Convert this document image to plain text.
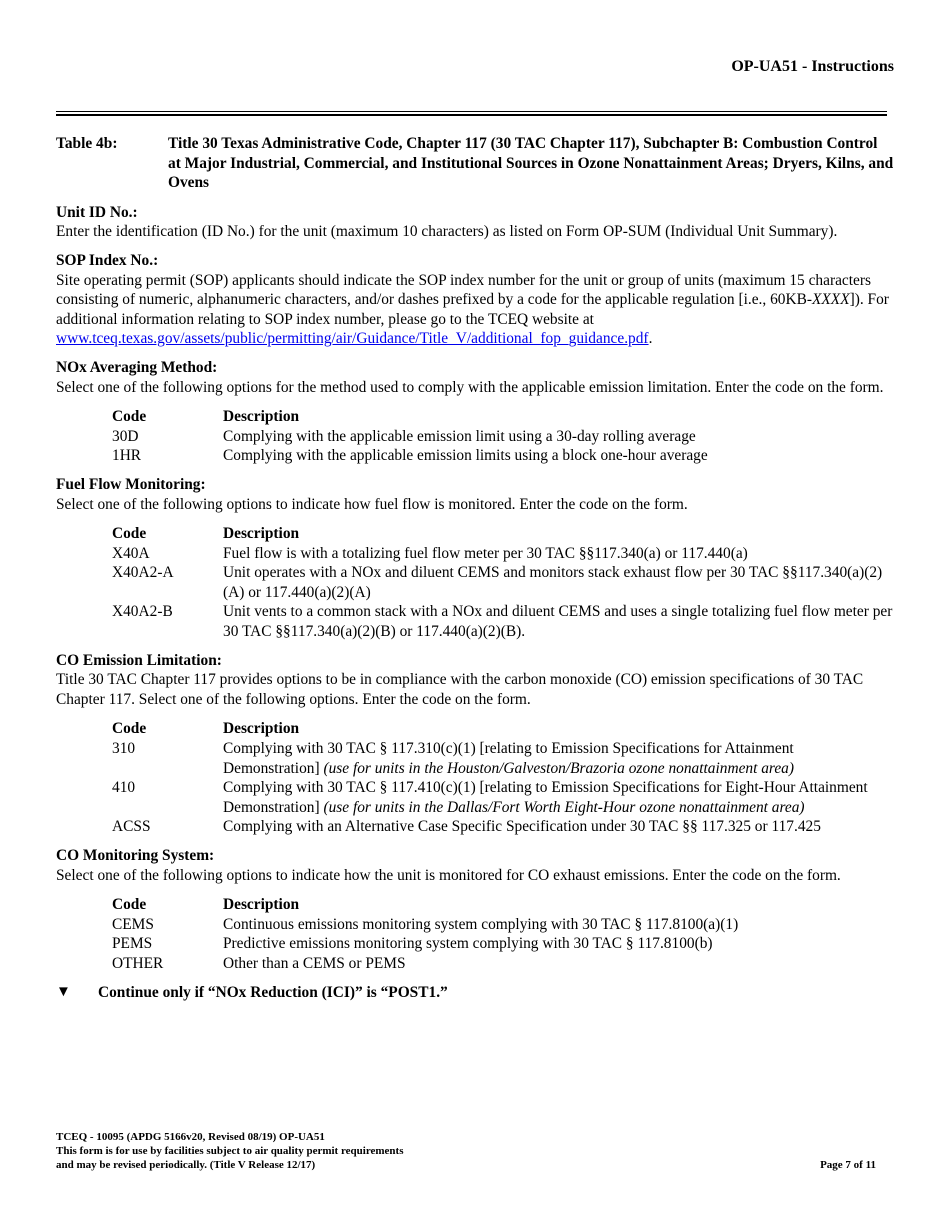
OP-UA51 - Instructions
Table 4b:	Title 30 Texas Administrative Code, Chapter 117 (30 TAC Chapter 117), Subchapter B: Combustion Control at Major Industrial, Commercial, and Institutional Sources in Ozone Nonattainment Areas; Dryers, Kilns, and Ovens
Unit ID No.:
Enter the identification (ID No.) for the unit (maximum 10 characters) as listed on Form OP-SUM (Individual Unit Summary).
SOP Index No.:
Site operating permit (SOP) applicants should indicate the SOP index number for the unit or group of units (maximum 15 characters consisting of numeric, alphanumeric characters, and/or dashes prefixed by a code for the applicable regulation [i.e., 60KB-XXXX]). For additional information relating to SOP index number, please go to the TCEQ website at www.tceq.texas.gov/assets/public/permitting/air/Guidance/Title_V/additional_fop_guidance.pdf.
NOx Averaging Method:
Select one of the following options for the method used to comply with the applicable emission limitation. Enter the code on the form.
Code	Description
30D	Complying with the applicable emission limit using a 30-day rolling average
1HR	Complying with the applicable emission limits using a block one-hour average
Fuel Flow Monitoring:
Select one of the following options to indicate how fuel flow is monitored. Enter the code on the form.
Code	Description
X40A	Fuel flow is with a totalizing fuel flow meter per 30 TAC §§117.340(a) or 117.440(a)
X40A2-A	Unit operates with a NOx and diluent CEMS and monitors stack exhaust flow per 30 TAC §§117.340(a)(2)(A) or 117.440(a)(2)(A)
X40A2-B	Unit vents to a common stack with a NOx and diluent CEMS and uses a single totalizing fuel flow meter per 30 TAC §§117.340(a)(2)(B) or 117.440(a)(2)(B).
CO Emission Limitation:
Title 30 TAC Chapter 117 provides options to be in compliance with the carbon monoxide (CO) emission specifications of 30 TAC Chapter 117. Select one of the following options. Enter the code on the form.
Code	Description
310	Complying with 30 TAC § 117.310(c)(1) [relating to Emission Specifications for Attainment Demonstration] (use for units in the Houston/Galveston/Brazoria ozone nonattainment area)
410	Complying with 30 TAC § 117.410(c)(1) [relating to Emission Specifications for Eight-Hour Attainment Demonstration] (use for units in the Dallas/Fort Worth Eight-Hour ozone nonattainment area)
ACSS	Complying with an Alternative Case Specific Specification under 30 TAC §§ 117.325 or 117.425
CO Monitoring System:
Select one of the following options to indicate how the unit is monitored for CO exhaust emissions. Enter the code on the form.
Code	Description
CEMS	Continuous emissions monitoring system complying with 30 TAC § 117.8100(a)(1)
PEMS	Predictive emissions monitoring system complying with 30 TAC § 117.8100(b)
OTHER	Other than a CEMS or PEMS
▼	Continue only if “NOx Reduction (ICI)” is “POST1.”
TCEQ - 10095 (APDG 5166v20, Revised 08/19) OP-UA51
This form is for use by facilities subject to air quality permit requirements
and may be revised periodically. (Title V Release 12/17)	Page 7 of 11
